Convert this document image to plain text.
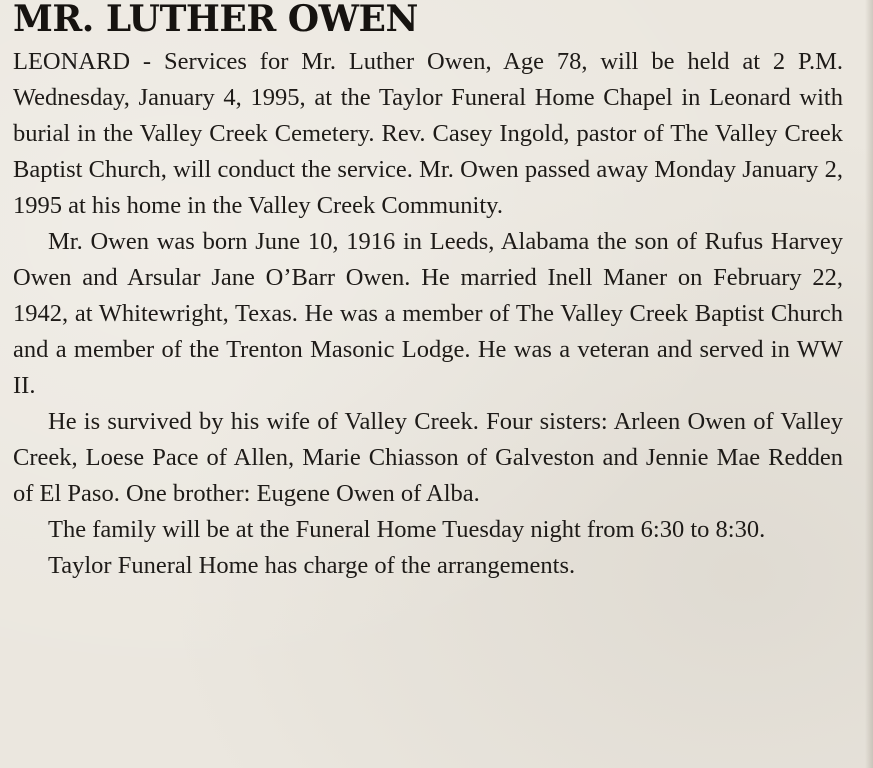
MR. LUTHER OWEN

LEONARD - Services for Mr. Luther Owen, Age 78, will be held at 2 P.M. Wednesday, January 4, 1995, at the Taylor Funeral Home Chapel in Leonard with burial in the Valley Creek Cemetery. Rev. Casey Ingold, pastor of The Valley Creek Baptist Church, will conduct the service. Mr. Owen passed away Monday January 2, 1995 at his home in the Valley Creek Community.

Mr. Owen was born June 10, 1916 in Leeds, Alabama the son of Rufus Harvey Owen and Arsular Jane O’Barr Owen. He married Inell Maner on February 22, 1942, at Whitewright, Texas. He was a member of The Valley Creek Baptist Church and a member of the Trenton Masonic Lodge. He was a veteran and served in WW II.

He is survived by his wife of Valley Creek. Four sisters: Arleen Owen of Valley Creek, Loese Pace of Allen, Marie Chiasson of Galveston and Jennie Mae Redden of El Paso. One brother: Eugene Owen of Alba.

The family will be at the Funeral Home Tuesday night from 6:30 to 8:30.

Taylor Funeral Home has charge of the arrangements.
